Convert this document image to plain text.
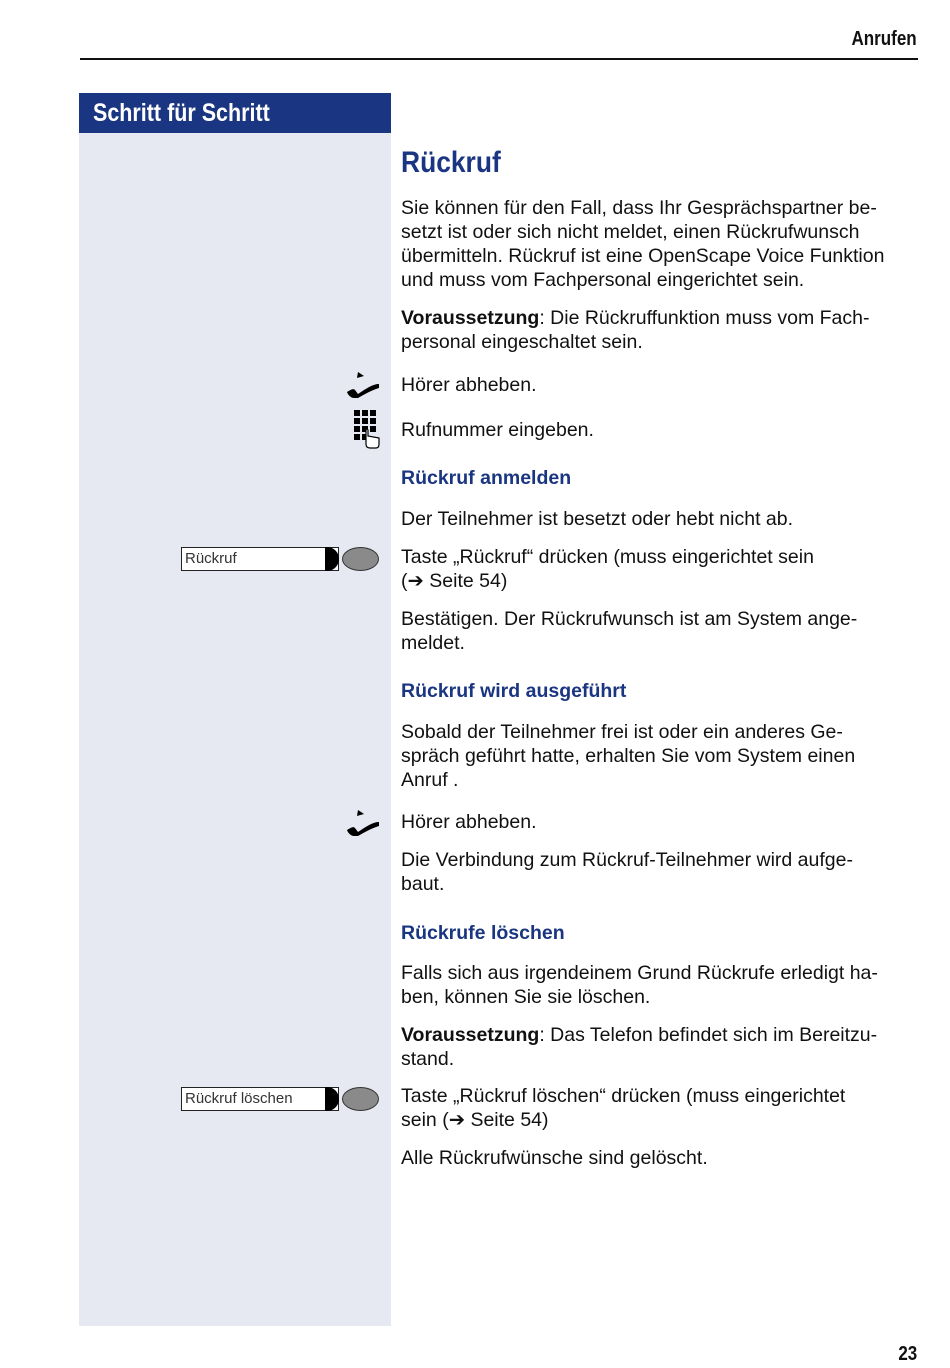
Anrufen
Schritt für Schritt
Rückruf
Sie können für den Fall, dass Ihr Gesprächspartner be-
setzt ist oder sich nicht meldet, einen Rückrufwunsch
übermitteln. Rückruf ist eine OpenScape Voice Funktion
und muss vom Fachpersonal eingerichtet sein.
Voraussetzung: Die Rückruffunktion muss vom Fach-
personal eingeschaltet sein.
Hörer abheben.
Rufnummer eingeben.
Rückruf anmelden
Der Teilnehmer ist besetzt oder hebt nicht ab.
Rückruf	Taste „Rückruf“ drücken (muss eingerichtet sein
(➔ Seite 54)
Bestätigen. Der Rückrufwunsch ist am System ange-
meldet.
Rückruf wird ausgeführt
Sobald der Teilnehmer frei ist oder ein anderes Ge-
spräch geführt hatte, erhalten Sie vom System einen
Anruf .
Hörer abheben.
Die Verbindung zum Rückruf-Teilnehmer wird aufge-
baut.
Rückrufe löschen
Falls sich aus irgendeinem Grund Rückrufe erledigt ha-
ben, können Sie sie löschen.
Voraussetzung: Das Telefon befindet sich im Bereitzu-
stand.
Rückruf löschen	Taste „Rückruf löschen“ drücken (muss eingerichtet
sein (➔ Seite 54)
Alle Rückrufwünsche sind gelöscht.
23
